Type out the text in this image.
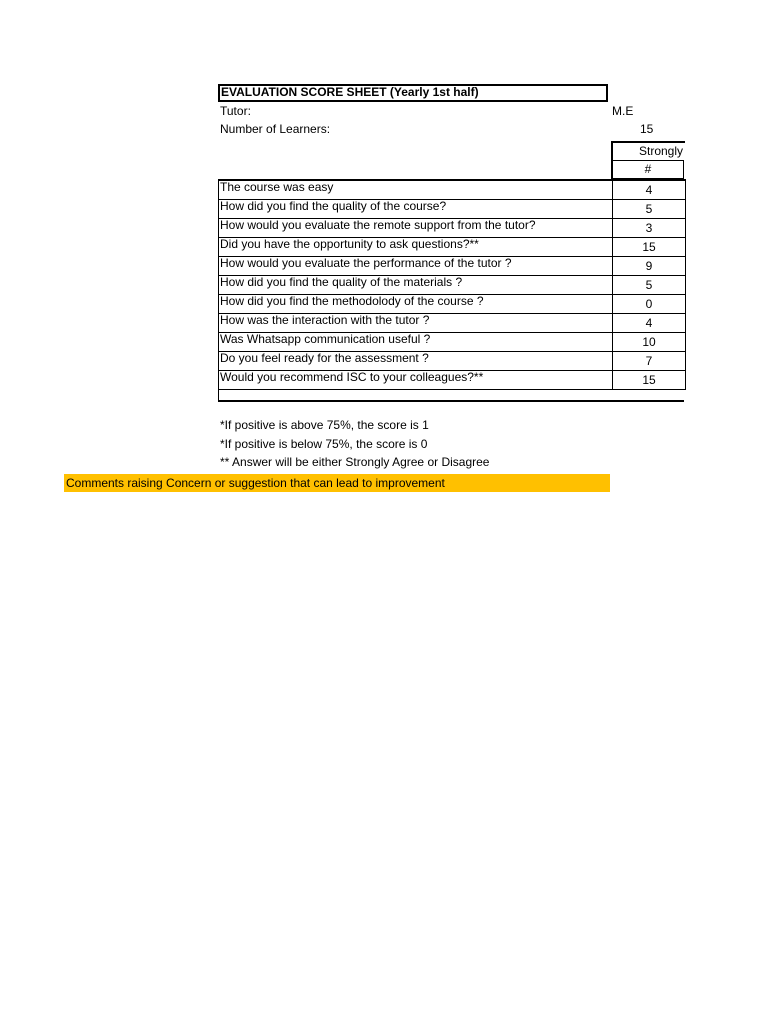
EVALUATION SCORE SHEET (Yearly 1st half)
Tutor:	M.E
Number of Learners:	15
Strongly
#
The course was easy	4
How did you find the quality of the course?	5
How would you evaluate the remote support from the tutor?	3
Did you have the opportunity to ask questions?**	15
How would you evaluate the performance of the tutor ?	9
How did you find the quality of the materials ?	5
How did you find the methodolody of the course ?	0
How was the interaction with the tutor ?	4
Was Whatsapp communication useful ?	10
Do you feel ready for the assessment ?	7
Would you recommend ISC to your colleagues?**	15
*If positive is above 75%, the score is 1
*If positive is below 75%, the score is 0
** Answer will be either Strongly Agree or Disagree
Comments raising Concern or suggestion that can lead to improvement
